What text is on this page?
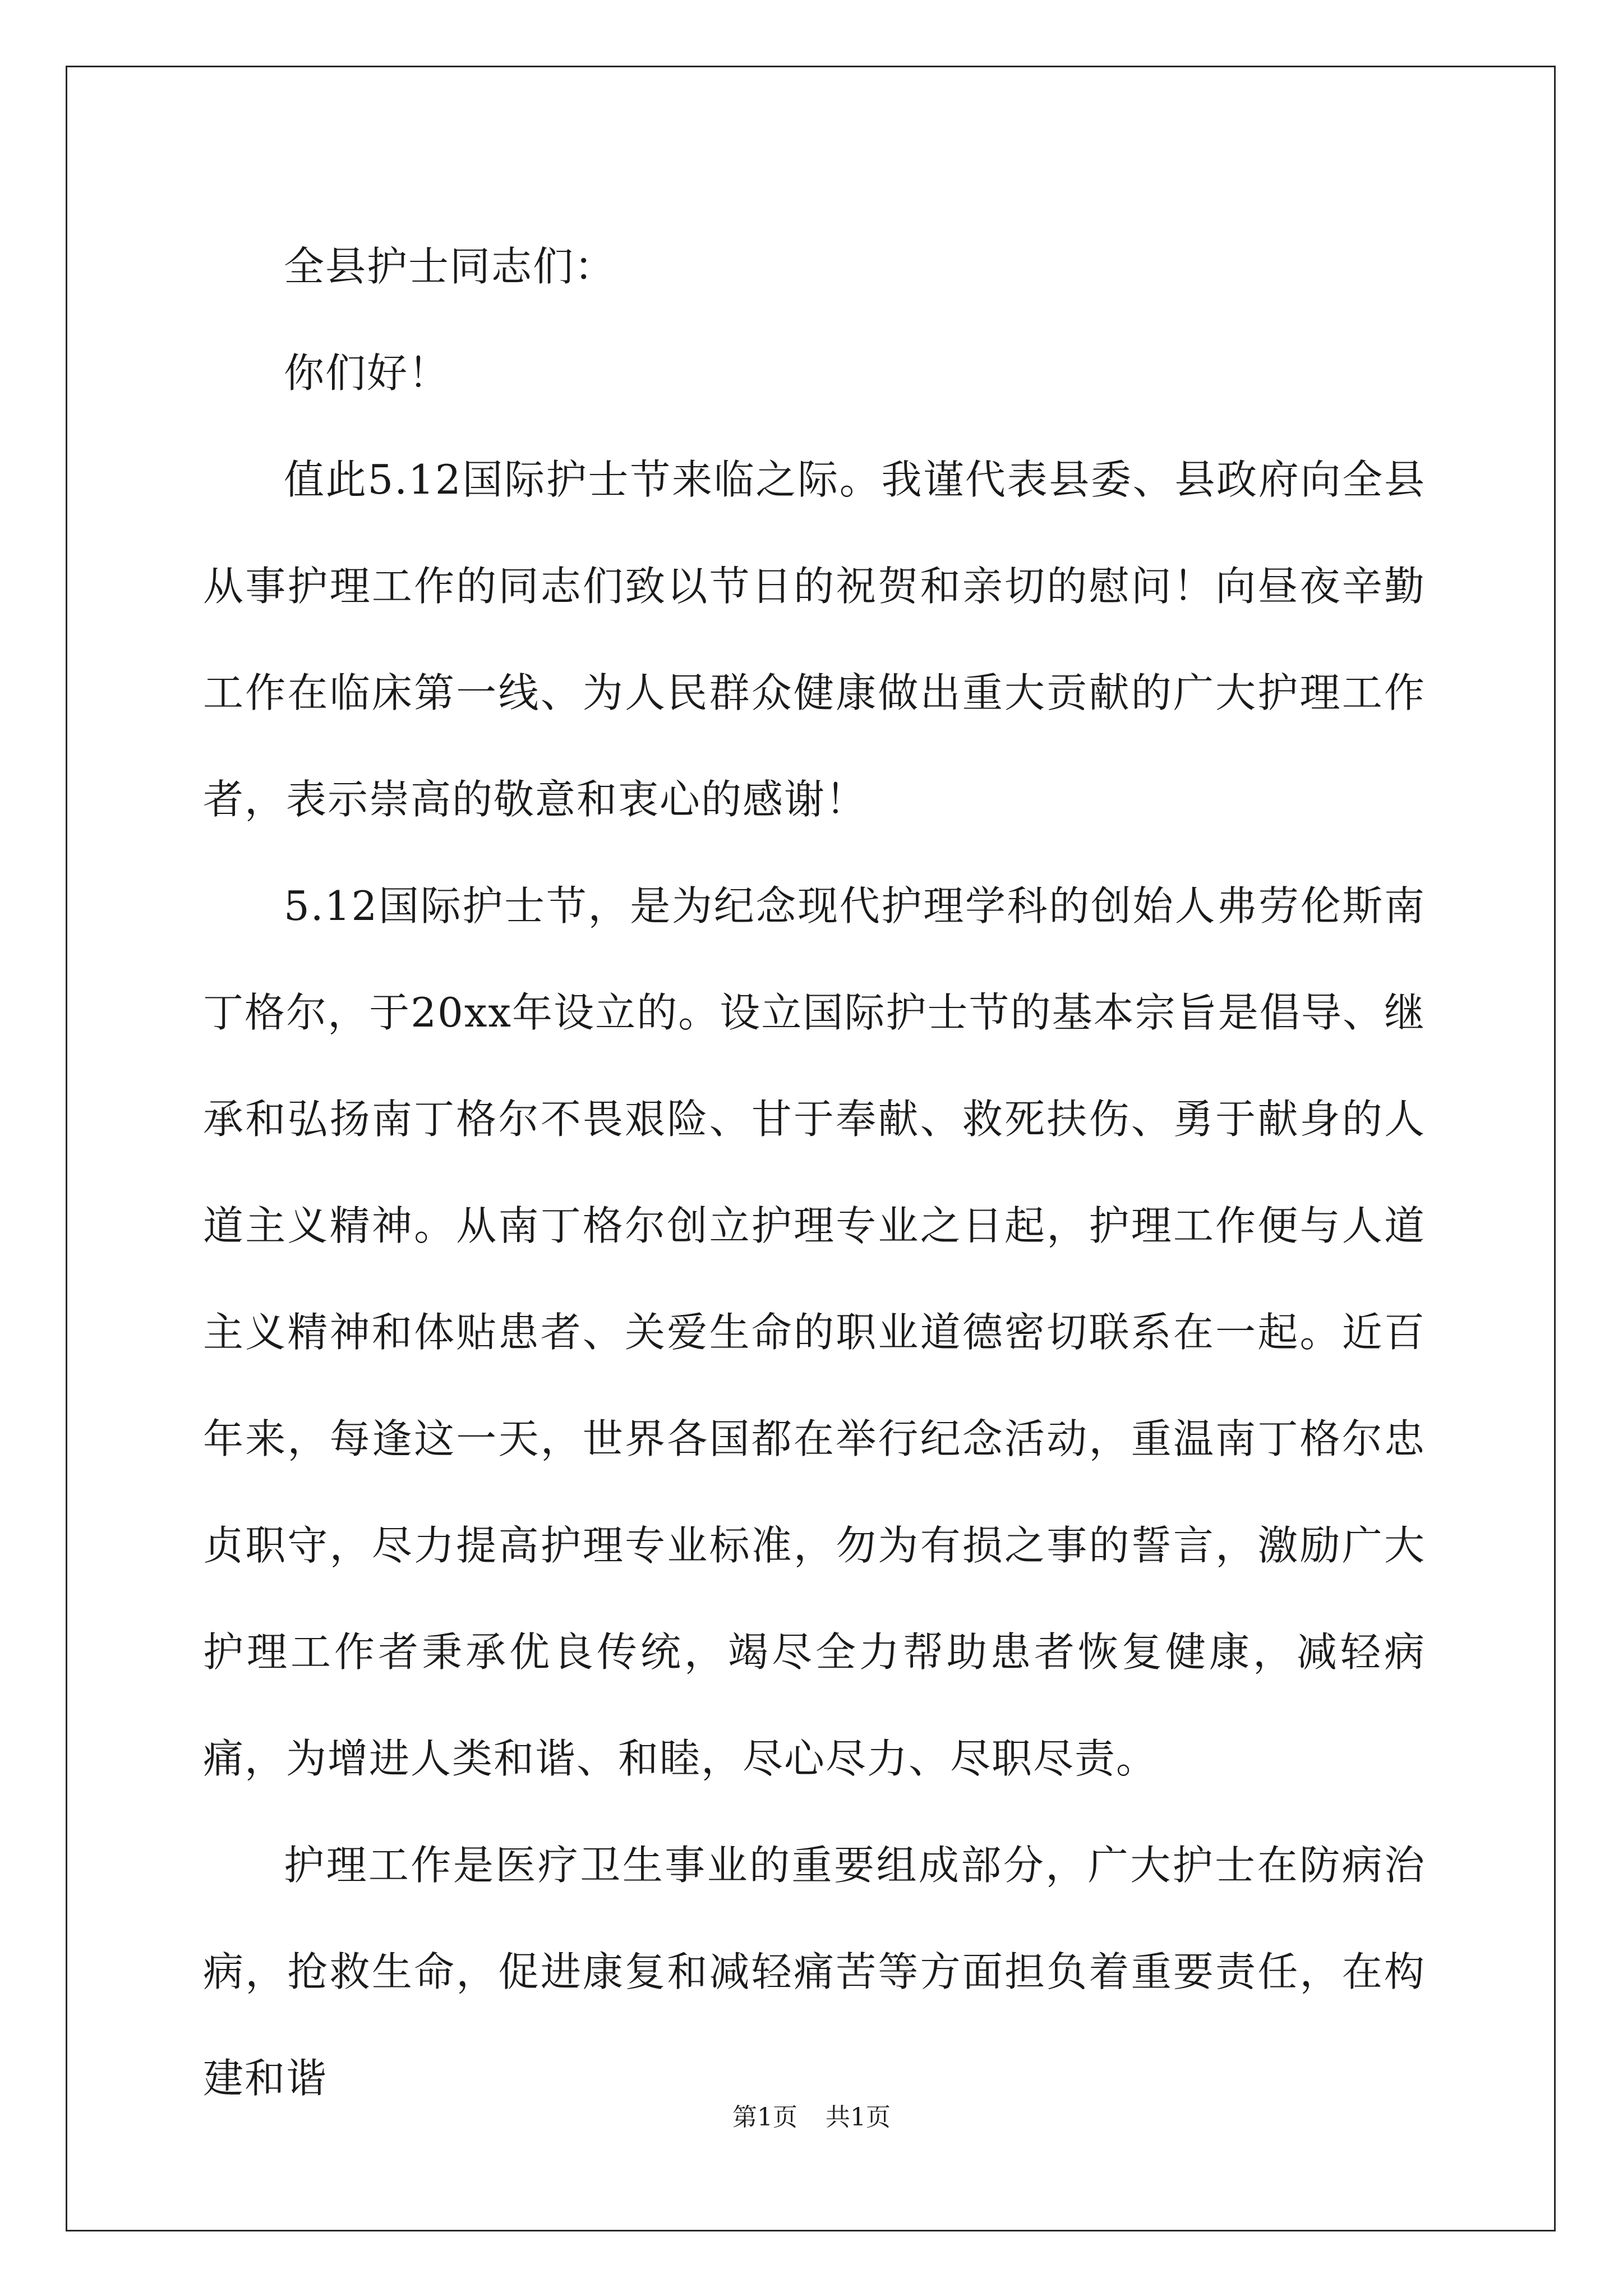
全县护士同志们：

你们好！

值此5.12国际护士节来临之际。我谨代表县委、县政府向全县从事护理工作的同志们致以节日的祝贺和亲切的慰问！向昼夜辛勤工作在临床第一线、为人民群众健康做出重大贡献的广大护理工作者，表示崇高的敬意和衷心的感谢！

5.12国际护士节，是为纪念现代护理学科的创始人弗劳伦斯南丁格尔，于20xx年设立的。设立国际护士节的基本宗旨是倡导、继承和弘扬南丁格尔不畏艰险、甘于奉献、救死扶伤、勇于献身的人道主义精神。从南丁格尔创立护理专业之日起，护理工作便与人道主义精神和体贴患者、关爱生命的职业道德密切联系在一起。近百年来，每逢这一天，世界各国都在举行纪念活动，重温南丁格尔忠贞职守，尽力提高护理专业标准，勿为有损之事的誓言，激励广大护理工作者秉承优良传统，竭尽全力帮助患者恢复健康，减轻病痛，为增进人类和谐、和睦，尽心尽力、尽职尽责。

护理工作是医疗卫生事业的重要组成部分，广大护士在防病治病，抢救生命，促进康复和减轻痛苦等方面担负着重要责任，在构建和谐

第1页 共1页
